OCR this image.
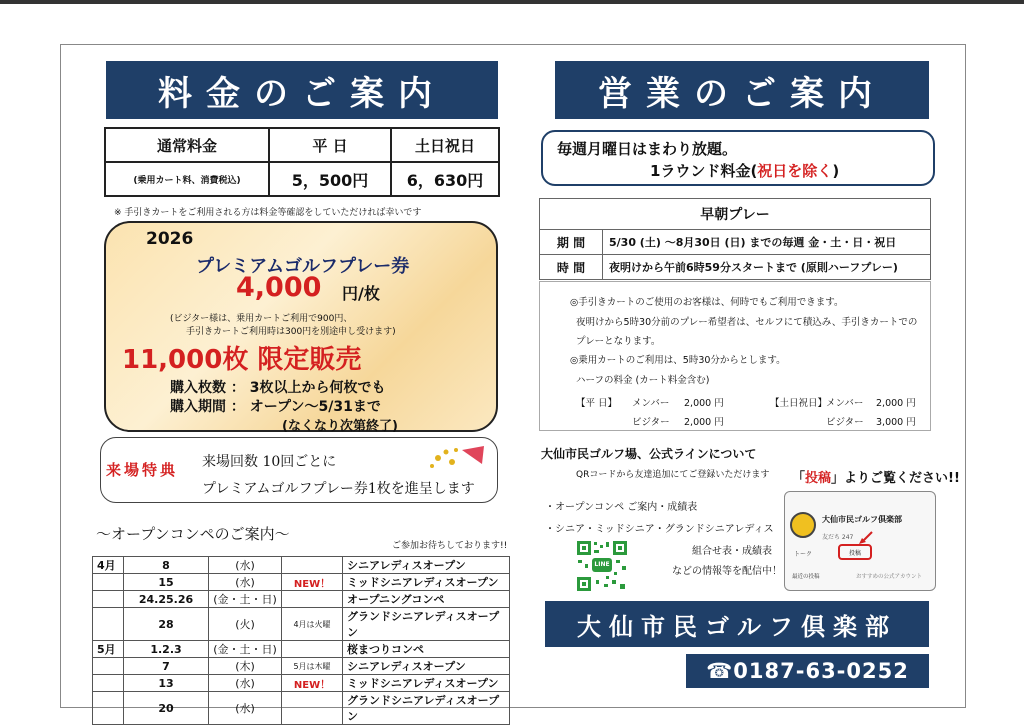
料金のご案内
通常料金	平 日	土日祝日
(乗用カート料、消費税込)	5，500円	6，630円
※ 手引きカートをご利用される方は料金等確認をしていただければ幸いです
2026
プレミアムゴルフプレー券
4,000 円/枚
(ビジター様は、乗用カートご利用で900円、
手引きカートご利用時は300円を別途申し受けます)
11,000枚 限定販売
購入枚数 ： 3枚以上から何枚でも
購入期間 ： オープン～5/31まで
(なくなり次第終了)
来場特典 来場回数 10回ごとに
プレミアムゴルフプレー券1枚を進呈します
～オープンコンペのご案内～
ご参加お待ちしております!!
4月	8	(水)		シニアレディスオープン
	15	(水)	NEW！	ミッドシニアレディスオープン
	24.25.26	(金・土・日)		オープニングコンペ
	28	(火)	4月は火曜	グランドシニアレディスオープン
5月	1.2.3	(金・土・日)		桜まつりコンペ
	7	(木)	5月は木曜	シニアレディスオープン
	13	(水)	NEW！	ミッドシニアレディスオープン
	20	(水)		グランドシニアレディスオープン
営業のご案内
毎週月曜日はまわり放題。
1ラウンド料金(祝日を除く)
早朝プレー	
期 間	5/30 (土) ～8月30日 (日) までの毎週 金・土・日・祝日
時 間	夜明けから午前6時59分スタートまで (原則ハーフプレー)
◎手引きカートのご使用のお客様は、何時でもご利用できます。
夜明けから5時30分前のプレー希望者は、セルフにて積込み、手引きカートでの
プレーとなります。
◎乗用カートのご利用は、5時30分からとします。
ハーフの料金 (カート料金含む)
【平 日】 メンバー 2,000 円
ビジター 2,000 円
【土日祝日】
メンバー 2,000 円
ビジター 3,000 円
大仙市民ゴルフ場、公式ラインについて
QRコードから友達追加にてご登録いただけます
・オープンコンペ ご案内・成績表
・シニア・ミッドシニア・グランドシニアレディス
組合せ表・成績表
などの情報等を配信中！
LINE
「投稿」よりご覧ください!!
大仙市民ゴルフ倶楽部
友だち 247
トーク	投稿
最近の投稿	おすすめの公式アカウント
大仙市民ゴルフ倶楽部
☎0187-63-0252
